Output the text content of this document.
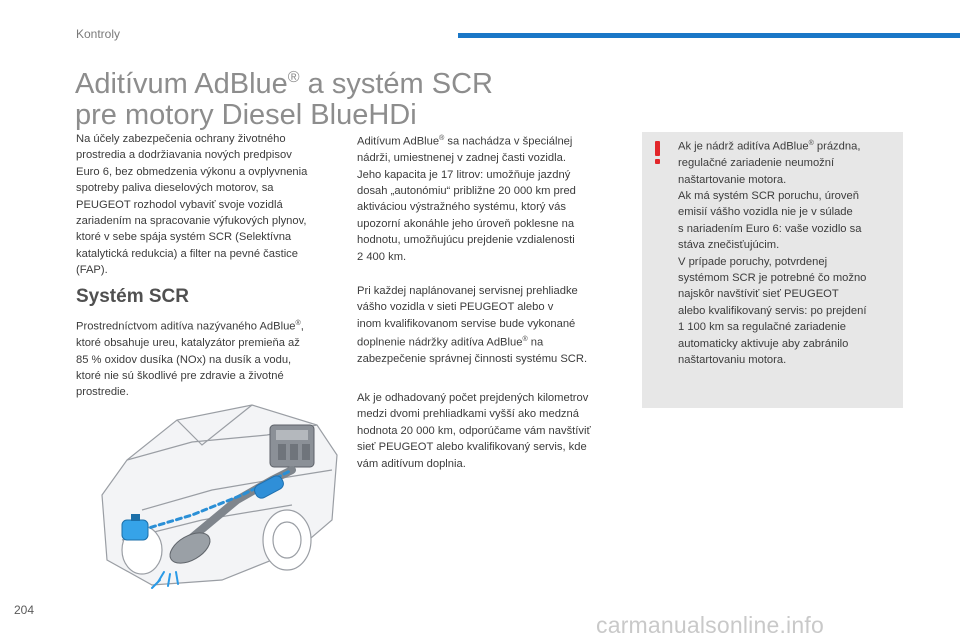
Kontroly
Aditívum AdBlue® a systém SCR
pre motory Diesel BlueHDi

Na účely zabezpečenia ochrany životného
prostredia a dodržiavania nových predpisov
Euro 6, bez obmedzenia výkonu a ovplyvnenia
spotreby paliva dieselových motorov, sa
PEUGEOT rozhodol vybaviť svoje vozidlá
zariadením na spracovanie výfukových plynov,
ktoré v sebe spája systém SCR (Selektívna
katalytická redukcia) a filter na pevné častice
(FAP).

Systém SCR

Prostredníctvom aditíva nazývaného AdBlue®,
ktoré obsahuje ureu, katalyzátor premieňa až
85 % oxidov dusíka (NOx) na dusík a vodu,
ktoré nie sú škodlivé pre zdravie a životné
prostredie.

Aditívum AdBlue® sa nachádza v špeciálnej
nádrži, umiestnenej v zadnej časti vozidla.
Jeho kapacita je 17 litrov: umožňuje jazdný
dosah „autonómiu“ približne 20 000 km pred
aktiváciou výstražného systému, ktorý vás
upozorní akonáhle jeho úroveň poklesne na
hodnotu, umožňujúcu prejdenie vzdialenosti
2 400 km.

Pri každej naplánovanej servisnej prehliadke
vášho vozidla v sieti PEUGEOT alebo v
inom kvalifikovanom servise bude vykonané
doplnenie nádržky aditíva AdBlue® na
zabezpečenie správnej činnosti systému SCR.

Ak je odhadovaný počet prejdených kilometrov
medzi dvomi prehliadkami vyšší ako medzná
hodnota 20 000 km, odporúčame vám navštíviť
sieť PEUGEOT alebo kvalifikovaný servis, kde
vám aditívum doplnia.

Ak je nádrž aditíva AdBlue® prázdna,
regulačné zariadenie neumožní
naštartovanie motora.
Ak má systém SCR poruchu, úroveň
emisií vášho vozidla nie je v súlade
s nariadením Euro 6: vaše vozidlo sa
stáva znečisťujúcim.
V prípade poruchy, potvrdenej
systémom SCR je potrebné čo možno
najskôr navštíviť sieť PEUGEOT
alebo kvalifikovaný servis: po prejdení
1 100 km sa regulačné zariadenie
automaticky aktivuje aby zabránilo
naštartovaniu motora.

204
carmanualsonline.info
